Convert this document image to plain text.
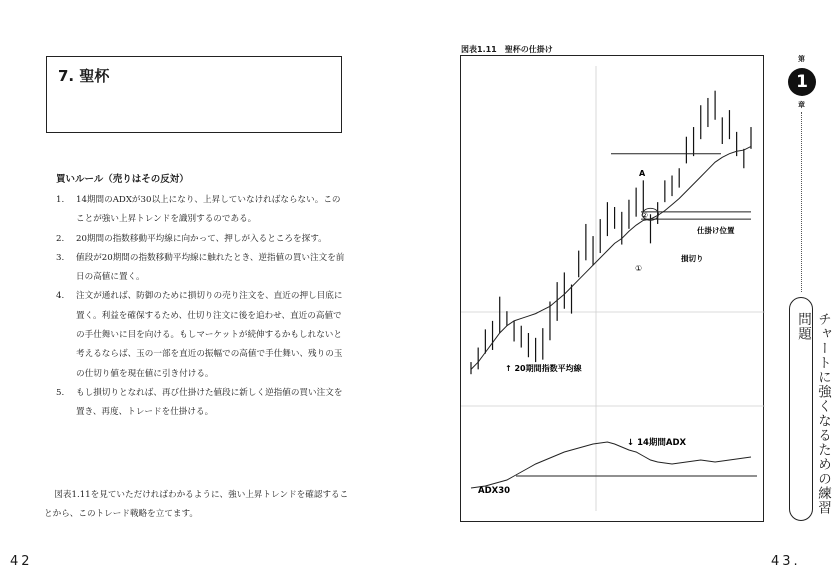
7. 聖杯
買いルール（売りはその反対）
1. 14期間のADXが30以上になり、上昇していなければならない。このことが強い上昇トレンドを識別するのである。
2. 20期間の指数移動平均線に向かって、押しが入るところを探す。
3. 値段が20期間の指数移動平均線に触れたとき、逆指値の買い注文を前日の高値に置く。
4. 注文が通れば、防御のために損切りの売り注文を、直近の押し目底に置く。利益を確保するため、仕切り注文に後を追わせ、直近の高値での手仕舞いに目を向ける。もしマーケットが続伸するかもしれないと考えるならば、玉の一部を直近の振幅での高値で手仕舞い、残りの玉の仕切り値を現在値に引き付ける。
5. もし損切りとなれば、再び仕掛けた値段に新しく逆指値の買い注文を置き、再度、トレードを仕掛ける。

図表1.11を見ていただければわかるように、強い上昇トレンドを確認することから、このトレード戦略を立てます。

42
図表1.11　聖杯の仕掛け
A
②
仕掛け位置
損切り
①
↑ 20期間指数平均線
↓ 14期間ADX
ADX30
43.
第
1
章
チャートに強くなるための練習問題
